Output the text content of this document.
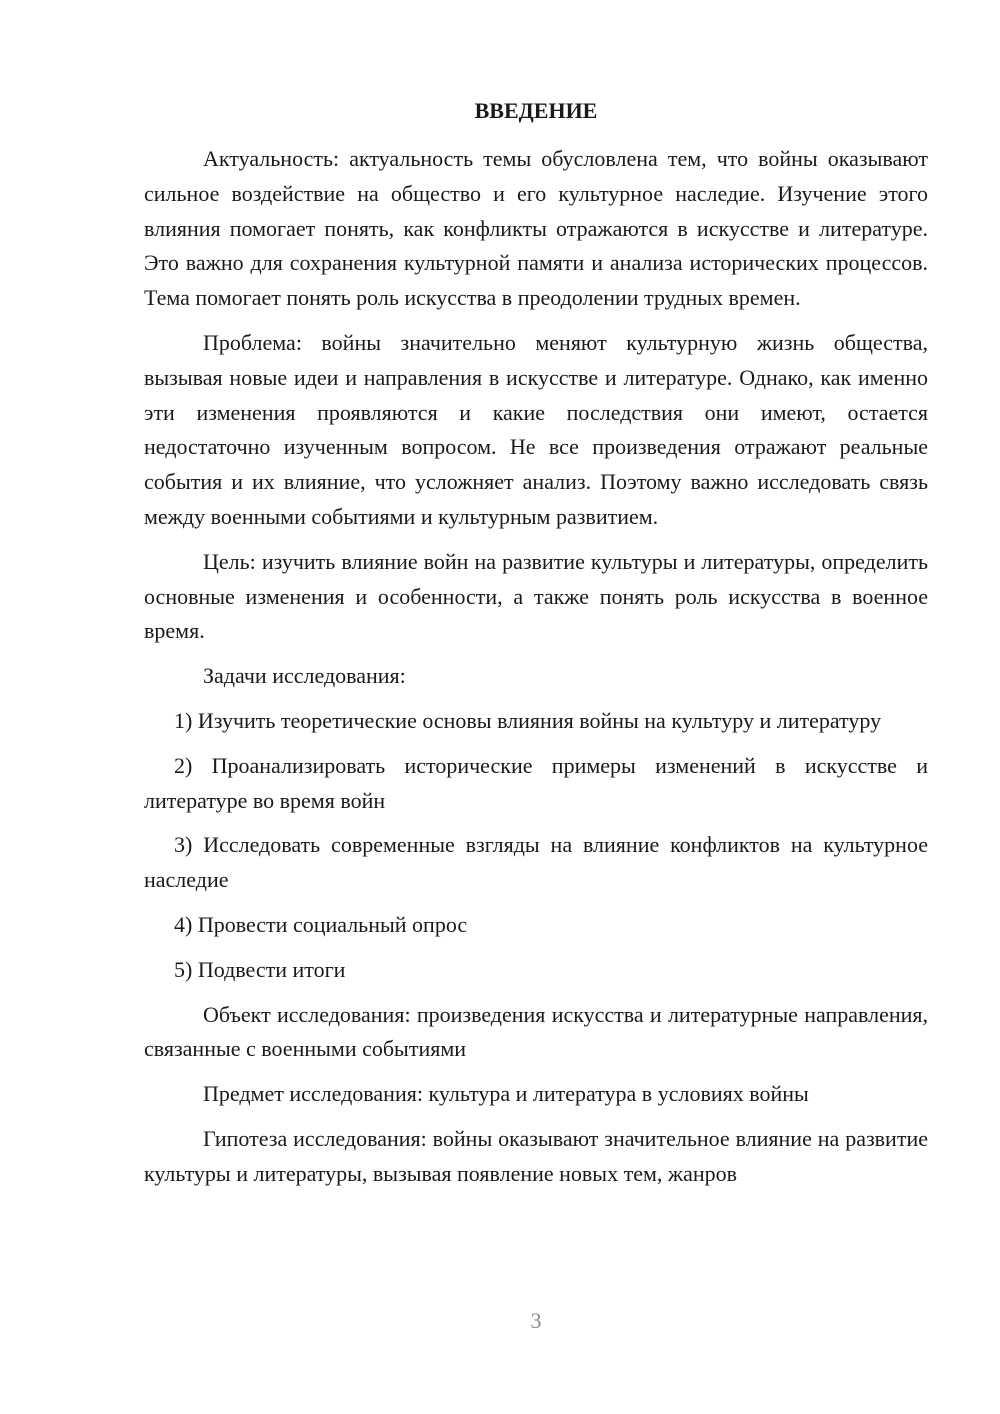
ВВЕДЕНИЕ

Актуальность: актуальность темы обусловлена тем, что войны оказывают сильное воздействие на общество и его культурное наследие. Изучение этого влияния помогает понять, как конфликты отражаются в искусстве и литературе. Это важно для сохранения культурной памяти и анализа исторических процессов. Тема помогает понять роль искусства в преодолении трудных времен.

Проблема: войны значительно меняют культурную жизнь общества, вызывая новые идеи и направления в искусстве и литературе. Однако, как именно эти изменения проявляются и какие последствия они имеют, остается недостаточно изученным вопросом. Не все произведения отражают реальные события и их влияние, что усложняет анализ. Поэтому важно исследовать связь между военными событиями и культурным развитием.

Цель: изучить влияние войн на развитие культуры и литературы, определить основные изменения и особенности, а также понять роль искусства в военное время.

Задачи исследования:

1) Изучить теоретические основы влияния войны на культуру и литературу

2) Проанализировать исторические примеры изменений в искусстве и литературе во время войн

3) Исследовать современные взгляды на влияние конфликтов на культурное наследие

4) Провести социальный опрос

5) Подвести итоги

Объект исследования: произведения искусства и литературные направления, связанные с военными событиями

Предмет исследования: культура и литература в условиях войны

Гипотеза исследования: войны оказывают значительное влияние на развитие культуры и литературы, вызывая появление новых тем, жанров

3
